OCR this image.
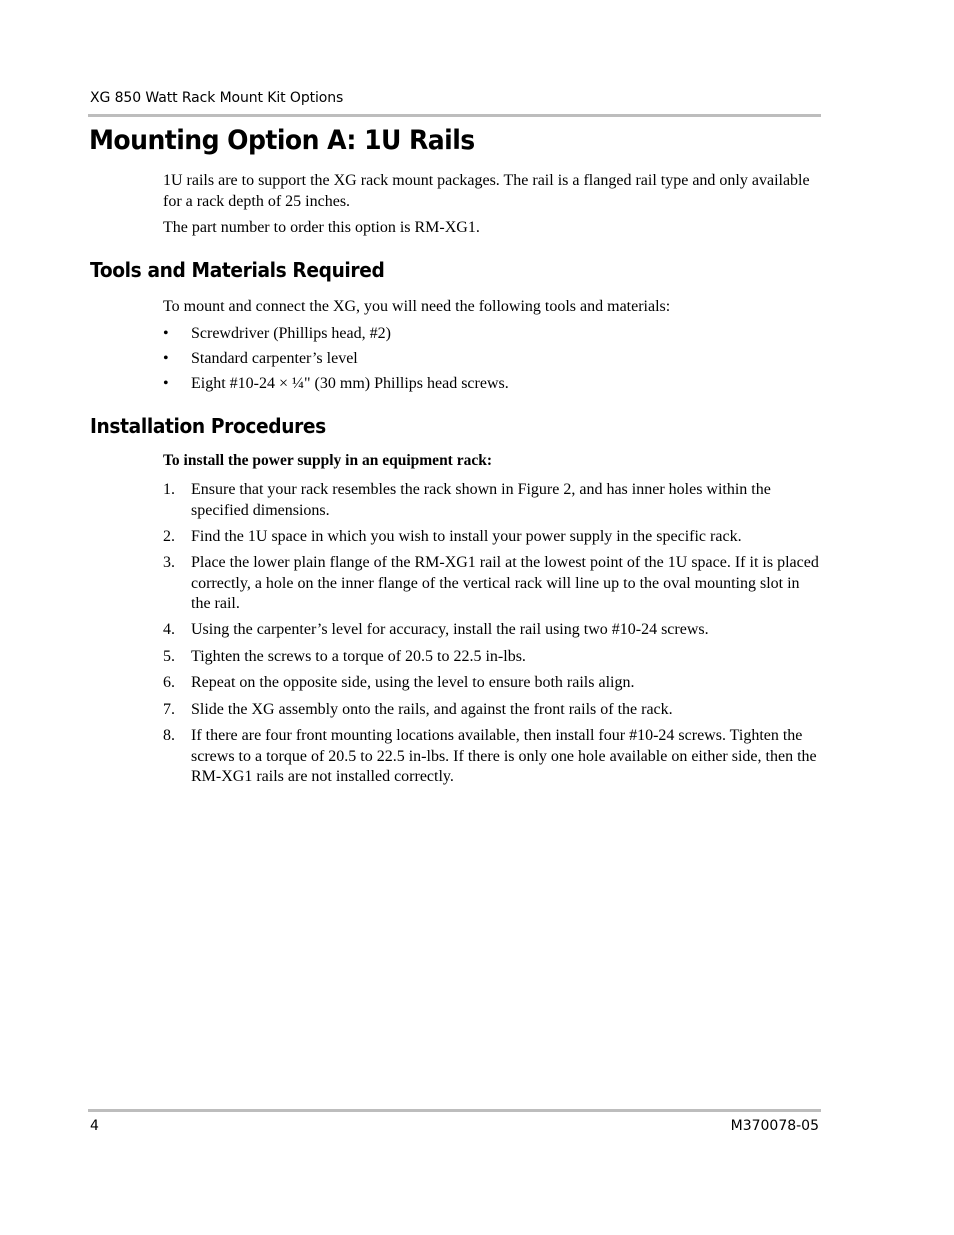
XG 850 Watt Rack Mount Kit Options
Mounting Option A: 1U Rails

1U rails are to support the XG rack mount packages. The rail is a flanged rail type and only available for a rack depth of 25 inches.

The part number to order this option is RM-XG1.

Tools and Materials Required

To mount and connect the XG, you will need the following tools and materials:

• Screwdriver (Phillips head, #2)
• Standard carpenter’s level
• Eight #10-24 × ¼" (30 mm) Phillips head screws.
Installation Procedures

To install the power supply in an equipment rack:

1. Ensure that your rack resembles the rack shown in Figure 2, and has inner holes within the specified dimensions.
2. Find the 1U space in which you wish to install your power supply in the specific rack.
3. Place the lower plain flange of the RM-XG1 rail at the lowest point of the 1U space. If it is placed correctly, a hole on the inner flange of the vertical rack will line up to the oval mounting slot in the rail.
4. Using the carpenter’s level for accuracy, install the rail using two #10-24 screws.
5. Tighten the screws to a torque of 20.5 to 22.5 in-lbs.
6. Repeat on the opposite side, using the level to ensure both rails align.
7. Slide the XG assembly onto the rails, and against the front rails of the rack.
8. If there are four front mounting locations available, then install four #10-24 screws. Tighten the screws to a torque of 20.5 to 22.5 in-lbs. If there is only one hole available on either side, then the RM-XG1 rails are not installed correctly.
4	M370078-05
